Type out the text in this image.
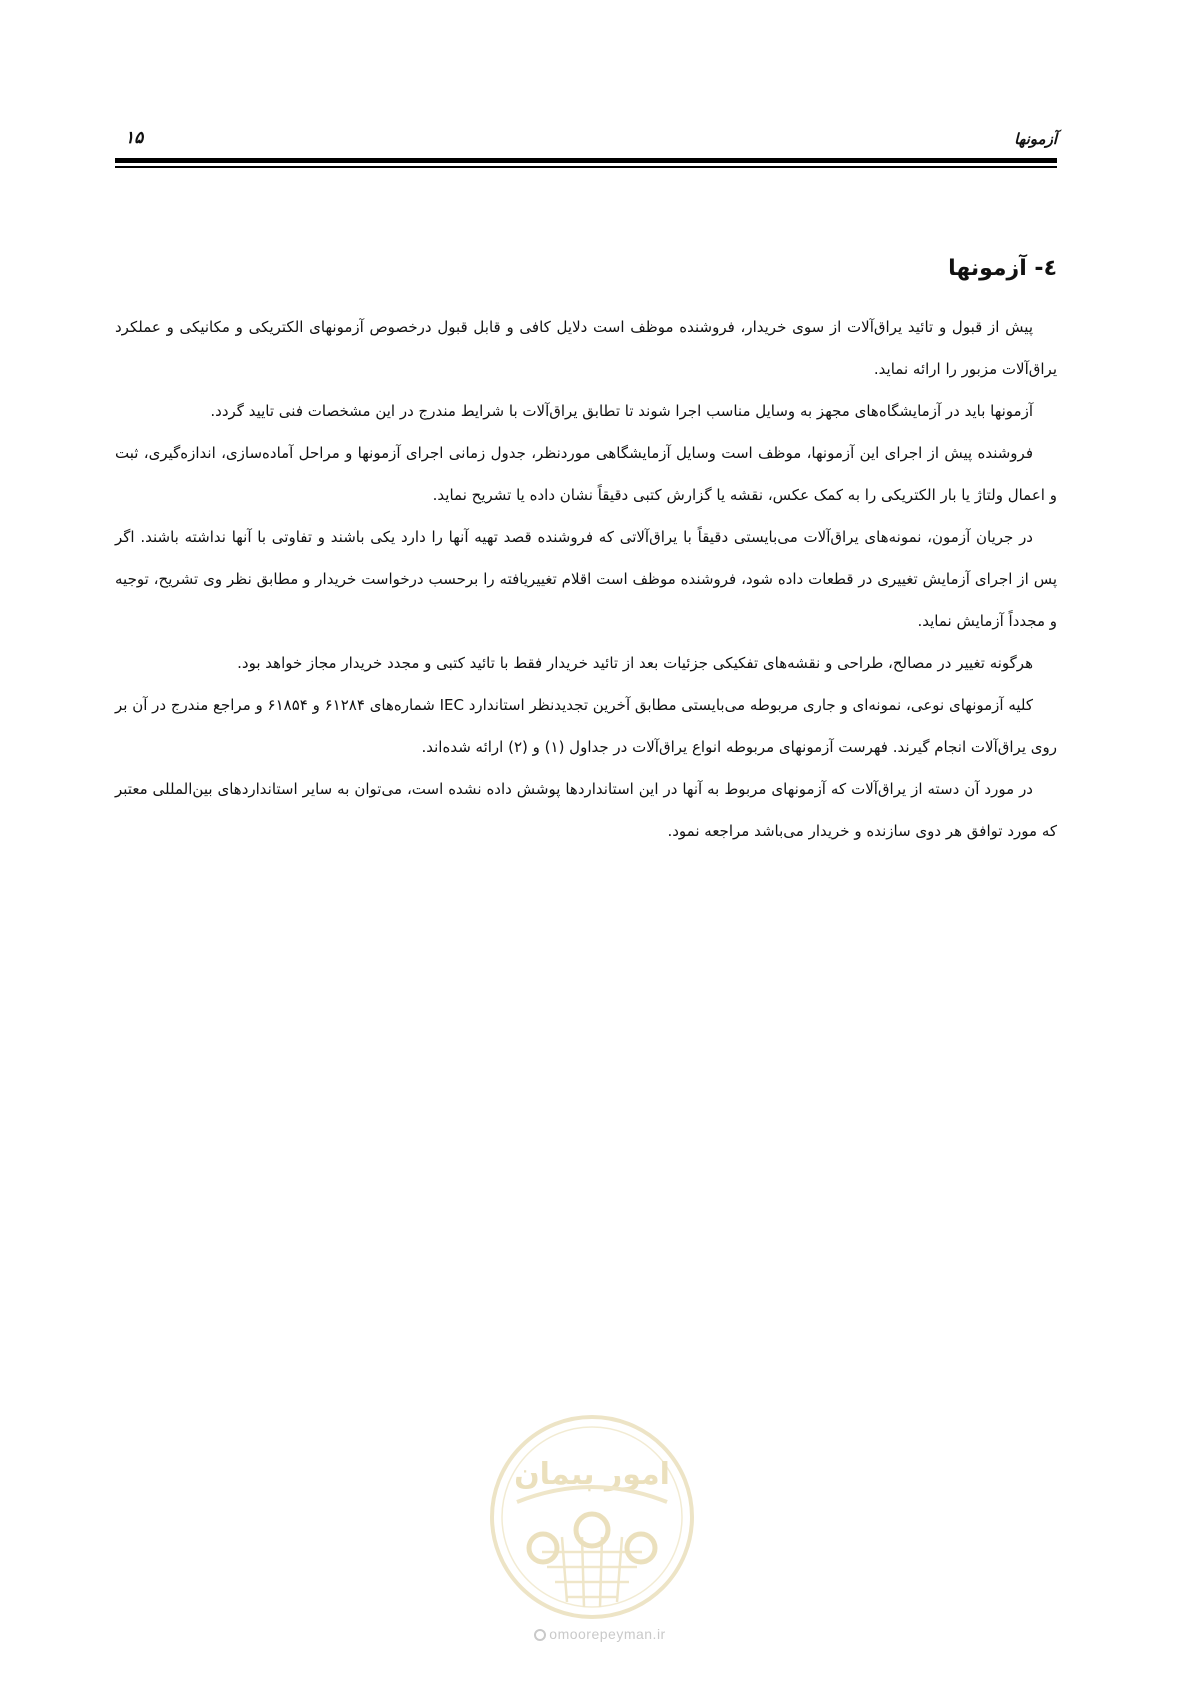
آزمونها
۱۵
٤- آزمونها

پیش از قبول و تائید یراق‌آلات از سوی خریدار، فروشنده موظف است دلایل کافی و قابل قبول درخصوص آزمونهای الکتریکی و مکانیکی و عملکرد یراق‌آلات مزبور را ارائه نماید.

آزمونها باید در آزمایشگاه‌های مجهز به وسایل مناسب اجرا شوند تا تطابق یراق‌آلات با شرایط مندرج در این مشخصات فنی تایید گردد.

فروشنده پیش از اجرای این آزمونها، موظف است وسایل آزمایشگاهی موردنظر، جدول زمانی اجرای آزمونها و مراحل آماده‌سازی، اندازه‌گیری، ثبت و اعمال ولتاژ یا بار الکتریکی را به کمک عکس، نقشه یا گزارش کتبی دقیقاً نشان داده یا تشریح نماید.

در جریان آزمون، نمونه‌های یراق‌آلات می‌بایستی دقیقاً با یراق‌آلاتی که فروشنده قصد تهیه آنها را دارد یکی باشند و تفاوتی با آنها نداشته باشند. اگر پس از اجرای آزمایش تغییری در قطعات داده شود، فروشنده موظف است اقلام تغییریافته را برحسب درخواست خریدار و مطابق نظر وی تشریح، توجیه و مجدداً آزمایش نماید.

هرگونه تغییر در مصالح، طراحی و نقشه‌های تفکیکی جزئیات بعد از تائید خریدار فقط با تائید کتبی و مجدد خریدار مجاز خواهد بود.

کلیه آزمونهای نوعی، نمونه‌ای و جاری مربوطه می‌بایستی مطابق آخرین تجدیدنظر استاندارد IEC شماره‌های ۶۱۲۸۴ و ۶۱۸۵۴ و مراجع مندرج در آن بر روی یراق‌آلات انجام گیرند. فهرست آزمونهای مربوطه انواع یراق‌آلات در جداول (۱) و (۲) ارائه شده‌اند.

در مورد آن دسته از یراق‌آلات که آزمونهای مربوط به آنها در این استانداردها پوشش داده نشده است، می‌توان به سایر استانداردهای بین‌المللی معتبر که مورد توافق هر دوی سازنده و خریدار می‌باشد مراجعه نمود.

امور پیمان
omoorepeyman.ir
